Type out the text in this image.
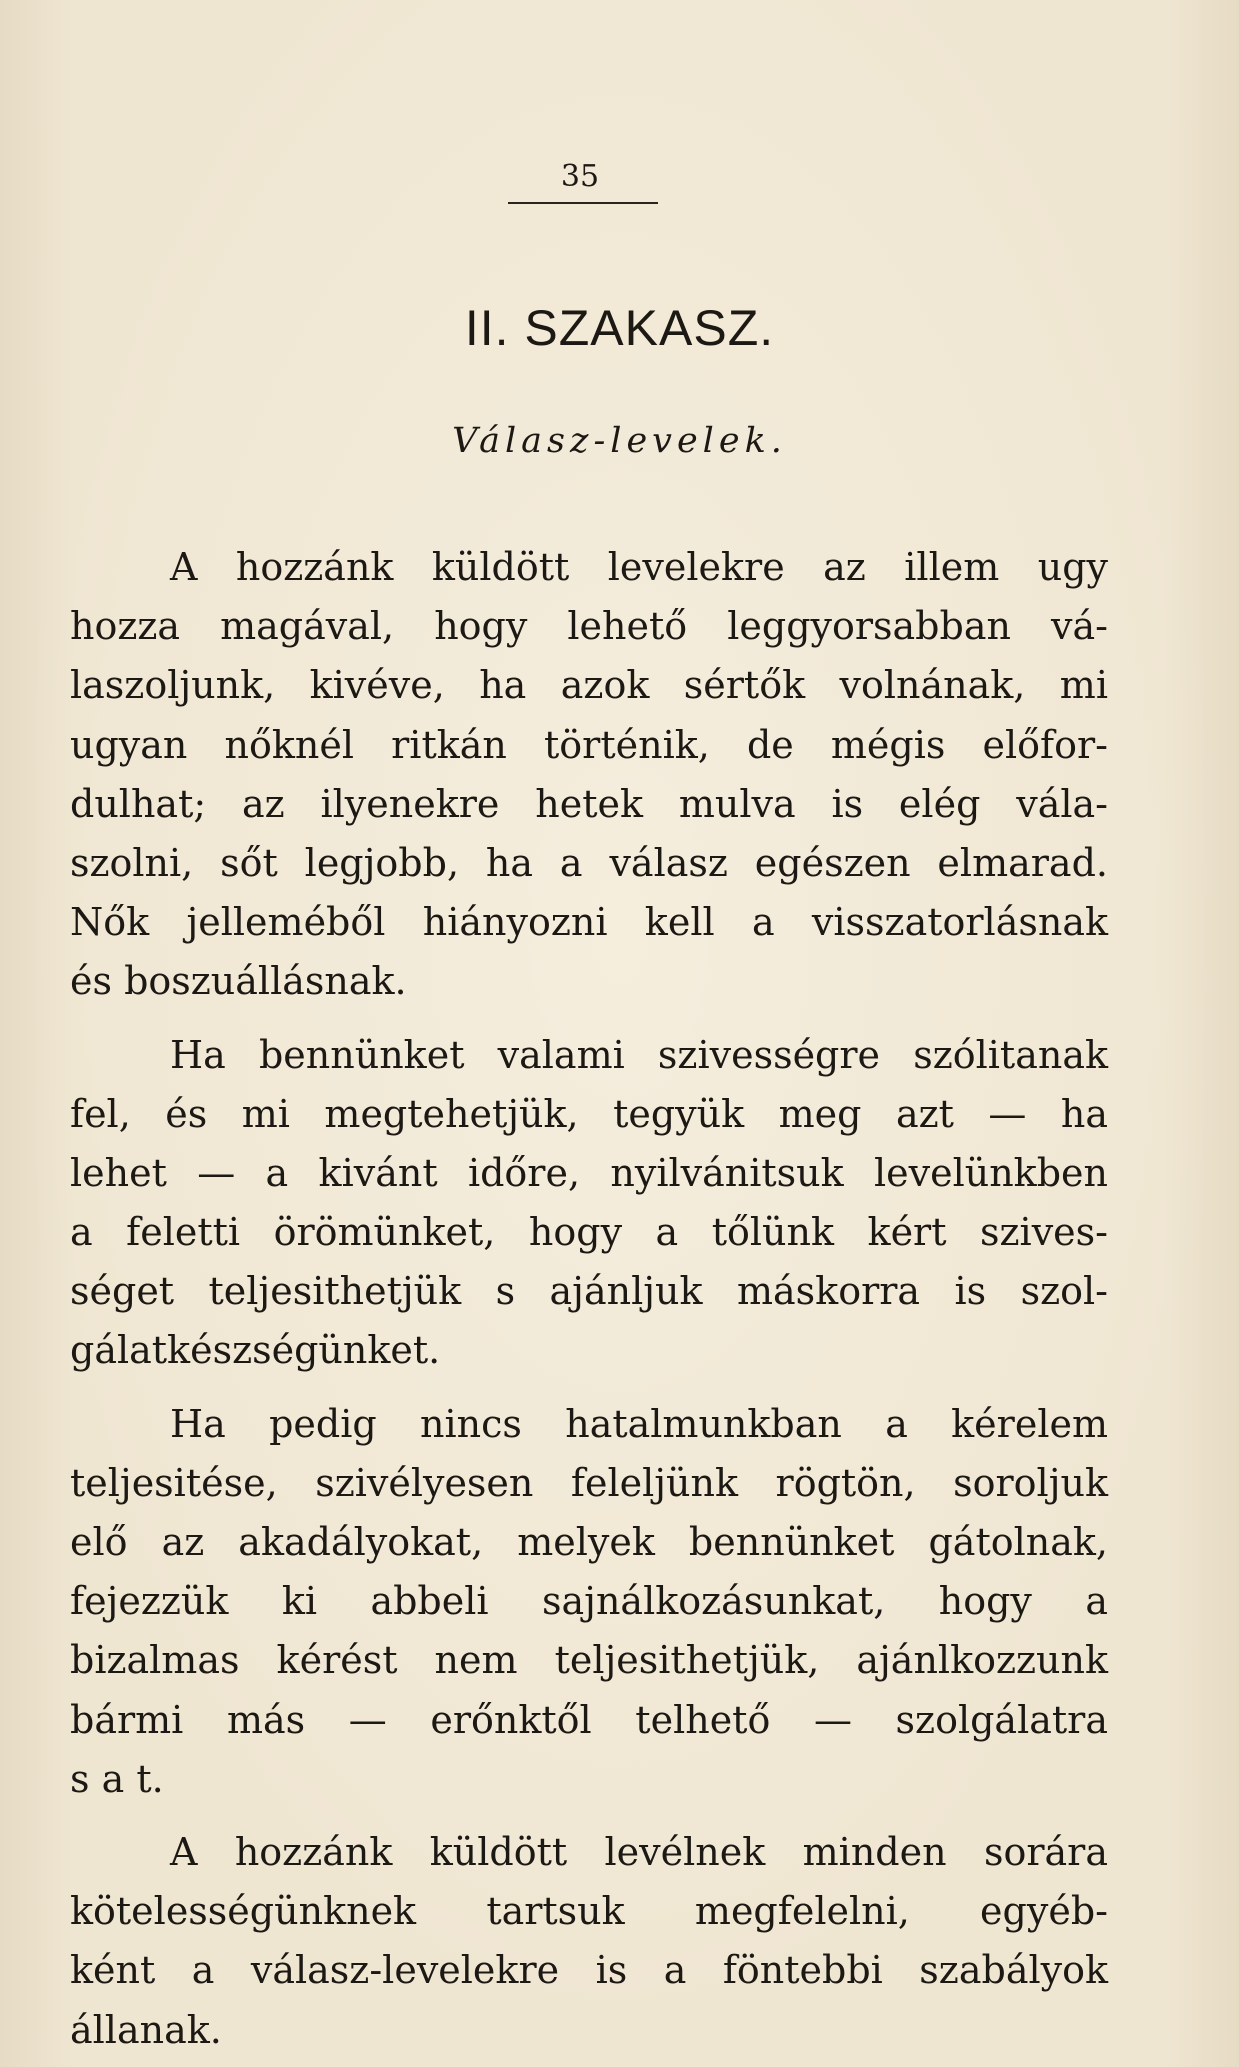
35
II. SZAKASZ.
Válasz-levelek.
A hozzánk küldött levelekre az illem ugy
hozza magával, hogy lehető leggyorsabban vá-
laszoljunk, kivéve, ha azok sértők volnának, mi
ugyan nőknél ritkán történik, de mégis előfor-
dulhat; az ilyenekre hetek mulva is elég vála-
szolni, sőt legjobb, ha a válasz egészen elmarad.
Nők jelleméből hiányozni kell a visszatorlásnak
és boszuállásnak.
Ha bennünket valami szivességre szólitanak
fel, és mi megtehetjük, tegyük meg azt — ha
lehet — a kivánt időre, nyilvánitsuk levelünkben
a feletti örömünket, hogy a tőlünk kért szives-
séget teljesithetjük s ajánljuk máskorra is szol-
gálatkészségünket.
Ha pedig nincs hatalmunkban a kérelem
teljesitése, szivélyesen feleljünk rögtön, soroljuk
elő az akadályokat, melyek bennünket gátolnak,
fejezzük ki abbeli sajnálkozásunkat, hogy a
bizalmas kérést nem teljesithetjük, ajánlkozzunk
bármi más — erőnktől telhető — szolgálatra
s a t.
A hozzánk küldött levélnek minden sorára
kötelességünknek tartsuk megfelelni, egyéb-
ként a válasz-levelekre is a föntebbi szabályok
állanak.
